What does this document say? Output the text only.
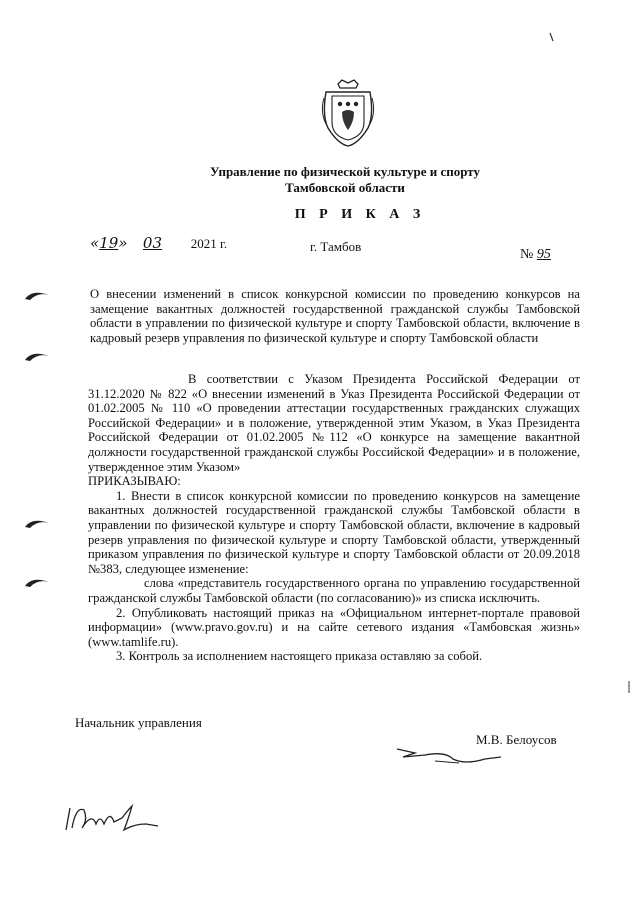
Управление по физической культуре и спорту
Тамбовской области
П Р И К А З
«19» 03 2021 г.	г. Тамбов
№ 95
О внесении изменений в список конкурсной комиссии по проведению конкурсов на замещение вакантных должностей государственной гражданской службы Тамбовской области в управлении по физической культуре и спорту Тамбовской области, включение в кадровый резерв управления по физической культуре и спорту Тамбовской области

В соответствии с Указом Президента Российской Федерации от 31.12.2020 № 822 «О внесении изменений в Указ Президента Российской Федерации от 01.02.2005 № 110 «О проведении аттестации государственных гражданских служащих Российской Федерации» и в положение, утвержденной этим Указом, в Указ Президента Российской Федерации от 01.02.2005 №112 «О конкурсе на замещение вакантной должности государственной гражданской службы Российской Федерации» и в положение, утвержденное этим Указом»

ПРИКАЗЫВАЮ:

1. Внести в список конкурсной комиссии по проведению конкурсов на замещение вакантных должностей государственной гражданской службы Тамбовской области в управлении по физической культуре и спорту Тамбовской области, включение в кадровый резерв управления по физической культуре и спорту Тамбовской области, утвержденный приказом управления по физической культуре и спорту Тамбовской области от 20.09.2018 №383, следующее изменение:

слова «представитель государственного органа по управлению государственной гражданской службы Тамбовской области (по согласованию)» из списка исключить.

2. Опубликовать настоящий приказ на «Официальном интернет-портале правовой информации» (www.pravo.gov.ru) и на сайте сетевого издания «Тамбовская жизнь» (www.tamlife.ru).

3. Контроль за исполнением настоящего приказа оставляю за собой.

Начальник управления
М.В. Белоусов
